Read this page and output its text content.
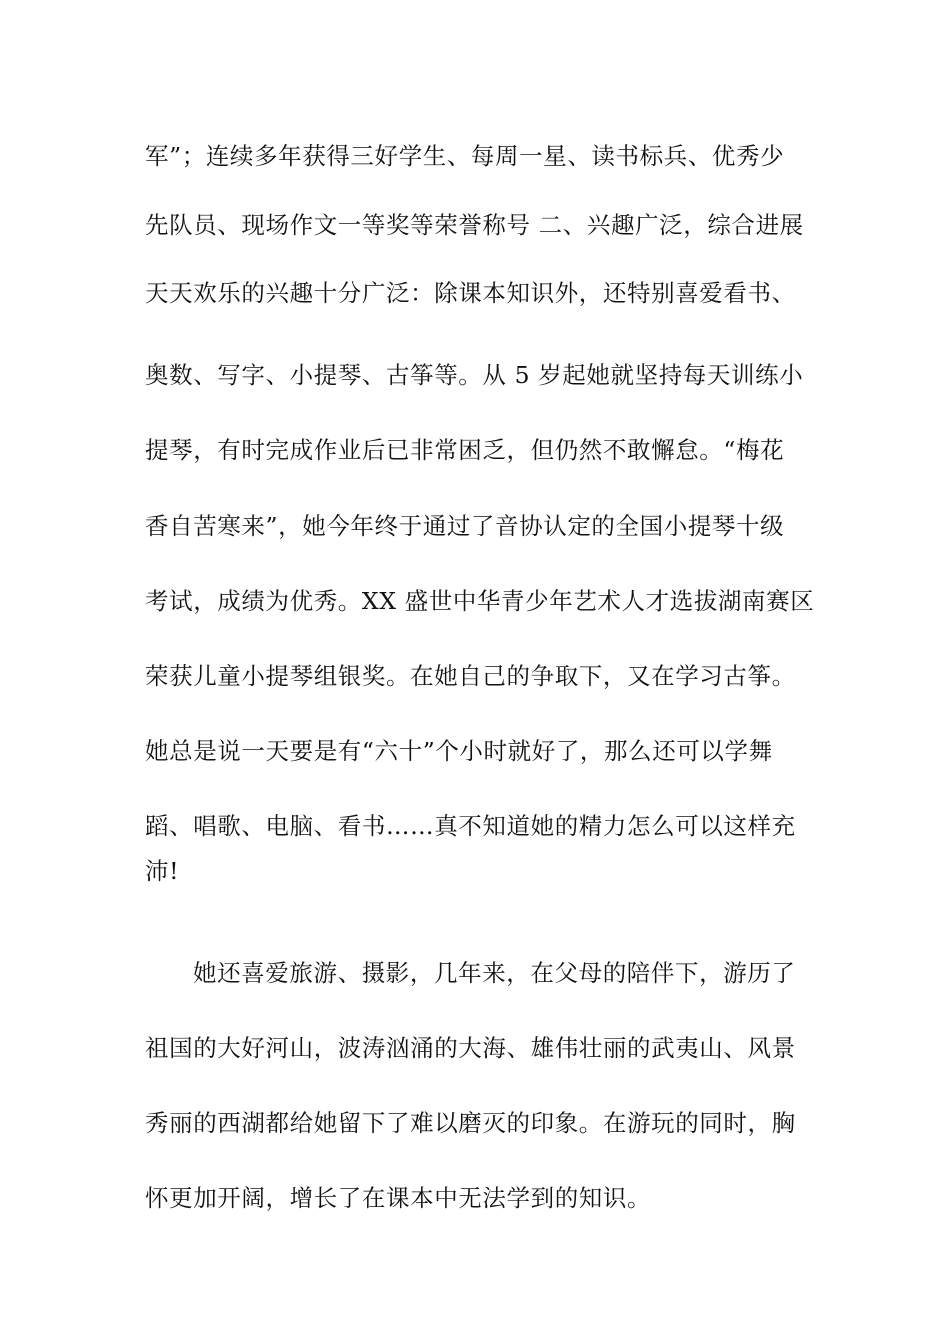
军”；连续多年获得三好学生、每周一星、读书标兵、优秀少
先队员、现场作文一等奖等荣誉称号 二、兴趣广泛，综合进展
天天欢乐的兴趣十分广泛：除课本知识外，还特别喜爱看书、
奥数、写字、小提琴、古筝等。从 5 岁起她就坚持每天训练小
提琴，有时完成作业后已非常困乏，但仍然不敢懈怠。“梅花
香自苦寒来”，她今年终于通过了音协认定的全国小提琴十级
考试，成绩为优秀。XX 盛世中华青少年艺术人才选拔湖南赛区
荣获儿童小提琴组银奖。在她自己的争取下，又在学习古筝。
她总是说一天要是有“六十”个小时就好了，那么还可以学舞
蹈、唱歌、电脑、看书……真不知道她的精力怎么可以这样充
沛!
她还喜爱旅游、摄影，几年来，在父母的陪伴下，游历了
祖国的大好河山，波涛汹涌的大海、雄伟壮丽的武夷山、风景
秀丽的西湖都给她留下了难以磨灭的印象。在游玩的同时，胸
怀更加开阔，增长了在课本中无法学到的知识。
